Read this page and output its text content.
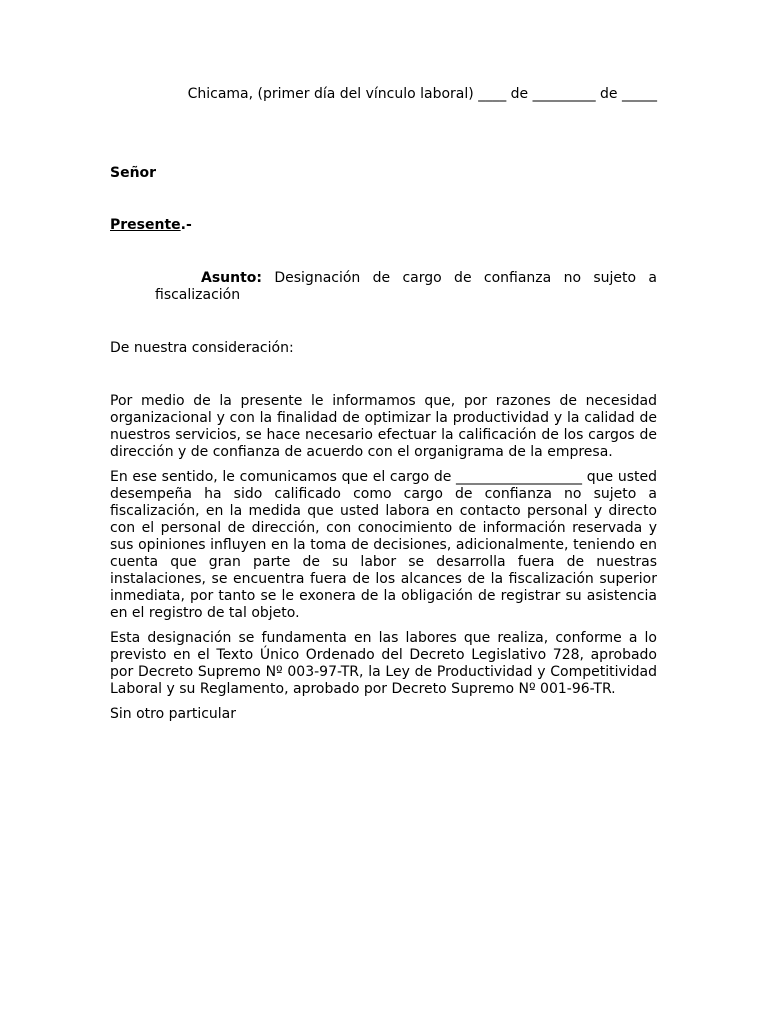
Chicama, (primer día del vínculo laboral) ____ de _________ de _____
Señor
Presente.-
Asunto: Designación de cargo de confianza no sujeto a fiscalización
De nuestra consideración:

Por medio de la presente le informamos que, por razones de necesidad organizacional y con la finalidad de optimizar la productividad y la calidad de nuestros servicios, se hace necesario efectuar la calificación de los cargos de dirección y de confianza de acuerdo con el organigrama de la empresa.

En ese sentido, le comunicamos que el cargo de __________________ que usted desempeña ha sido calificado como cargo de confianza no sujeto a fiscalización, en la medida que usted labora en contacto personal y directo con el personal de dirección, con conocimiento de información reservada y sus opiniones influyen en la toma de decisiones, adicionalmente, teniendo en cuenta que gran parte de su labor se desarrolla fuera de nuestras instalaciones, se encuentra fuera de los alcances de la fiscalización superior inmediata, por tanto se le exonera de la obligación de registrar su asistencia en el registro de tal objeto.

Esta designación se fundamenta en las labores que realiza, conforme a lo previsto en el Texto Único Ordenado del Decreto Legislativo 728, aprobado por Decreto Supremo Nº 003-97-TR, la Ley de Productividad y Competitividad Laboral y su Reglamento, aprobado por Decreto Supremo Nº 001-96-TR.

Sin otro particular
